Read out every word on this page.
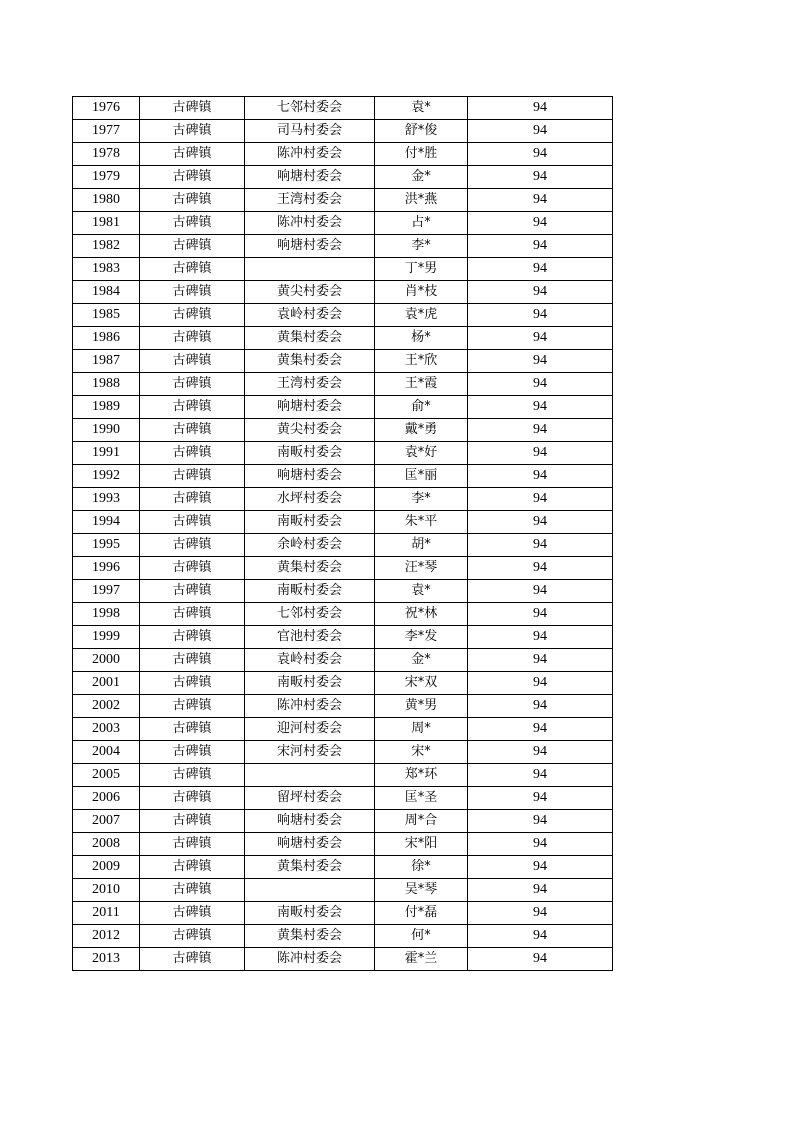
1976	古碑镇	七邻村委会	袁*	94
1977	古碑镇	司马村委会	舒*俊	94
1978	古碑镇	陈冲村委会	付*胜	94
1979	古碑镇	响塘村委会	金*	94
1980	古碑镇	王湾村委会	洪*燕	94
1981	古碑镇	陈冲村委会	占*	94
1982	古碑镇	响塘村委会	李*	94
1983	古碑镇		丁*男	94
1984	古碑镇	黄尖村委会	肖*枝	94
1985	古碑镇	袁岭村委会	袁*虎	94
1986	古碑镇	黄集村委会	杨*	94
1987	古碑镇	黄集村委会	王*欣	94
1988	古碑镇	王湾村委会	王*霞	94
1989	古碑镇	响塘村委会	俞*	94
1990	古碑镇	黄尖村委会	戴*勇	94
1991	古碑镇	南畈村委会	袁*好	94
1992	古碑镇	响塘村委会	匡*丽	94
1993	古碑镇	水坪村委会	李*	94
1994	古碑镇	南畈村委会	朱*平	94
1995	古碑镇	余岭村委会	胡*	94
1996	古碑镇	黄集村委会	汪*琴	94
1997	古碑镇	南畈村委会	袁*	94
1998	古碑镇	七邻村委会	祝*林	94
1999	古碑镇	官池村委会	李*发	94
2000	古碑镇	袁岭村委会	金*	94
2001	古碑镇	南畈村委会	宋*双	94
2002	古碑镇	陈冲村委会	黄*男	94
2003	古碑镇	迎河村委会	周*	94
2004	古碑镇	宋河村委会	宋*	94
2005	古碑镇		郑*环	94
2006	古碑镇	留坪村委会	匡*圣	94
2007	古碑镇	响塘村委会	周*合	94
2008	古碑镇	响塘村委会	宋*阳	94
2009	古碑镇	黄集村委会	徐*	94
2010	古碑镇		吴*琴	94
2011	古碑镇	南畈村委会	付*磊	94
2012	古碑镇	黄集村委会	何*	94
2013	古碑镇	陈冲村委会	霍*兰	94
